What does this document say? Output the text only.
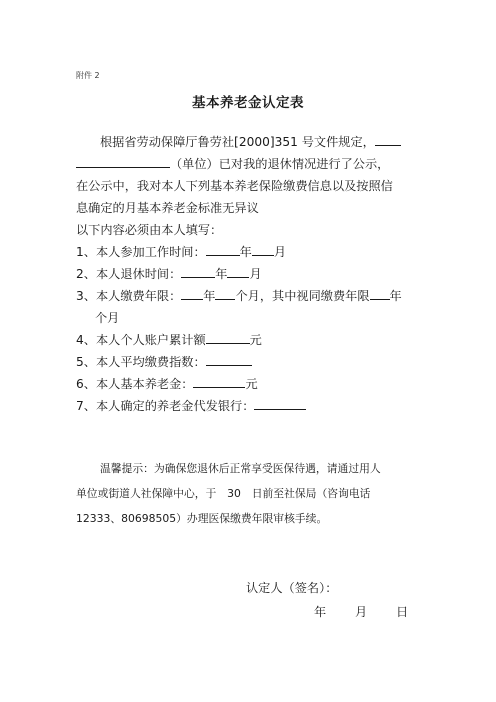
附件 2
基本养老金认定表
根据省劳动保障厅鲁劳社[2000]351 号文件规定，
（单位）已对我的退休情况进行了公示，
在公示中，我对本人下列基本养老保险缴费信息以及按照信
息确定的月基本养老金标准无异议
以下内容必须由本人填写：
1、本人参加工作时间：	年 月
2、本人退休时间：	年 月
3、本人缴费年限： 年 个月，其中视同缴费年限 年
个月
4、本人个人账户累计额	元
5、本人平均缴费指数：
6、本人基本养老金：	元
7、本人确定的养老金代发银行：
温馨提示：为确保您退休后正常享受医保待遇，请通过用人
单位或街道人社保障中心，于　30　日前至社保局（咨询电话
12333、80698505）办理医保缴费年限审核手续。
认定人（签名）：
年 月 日
